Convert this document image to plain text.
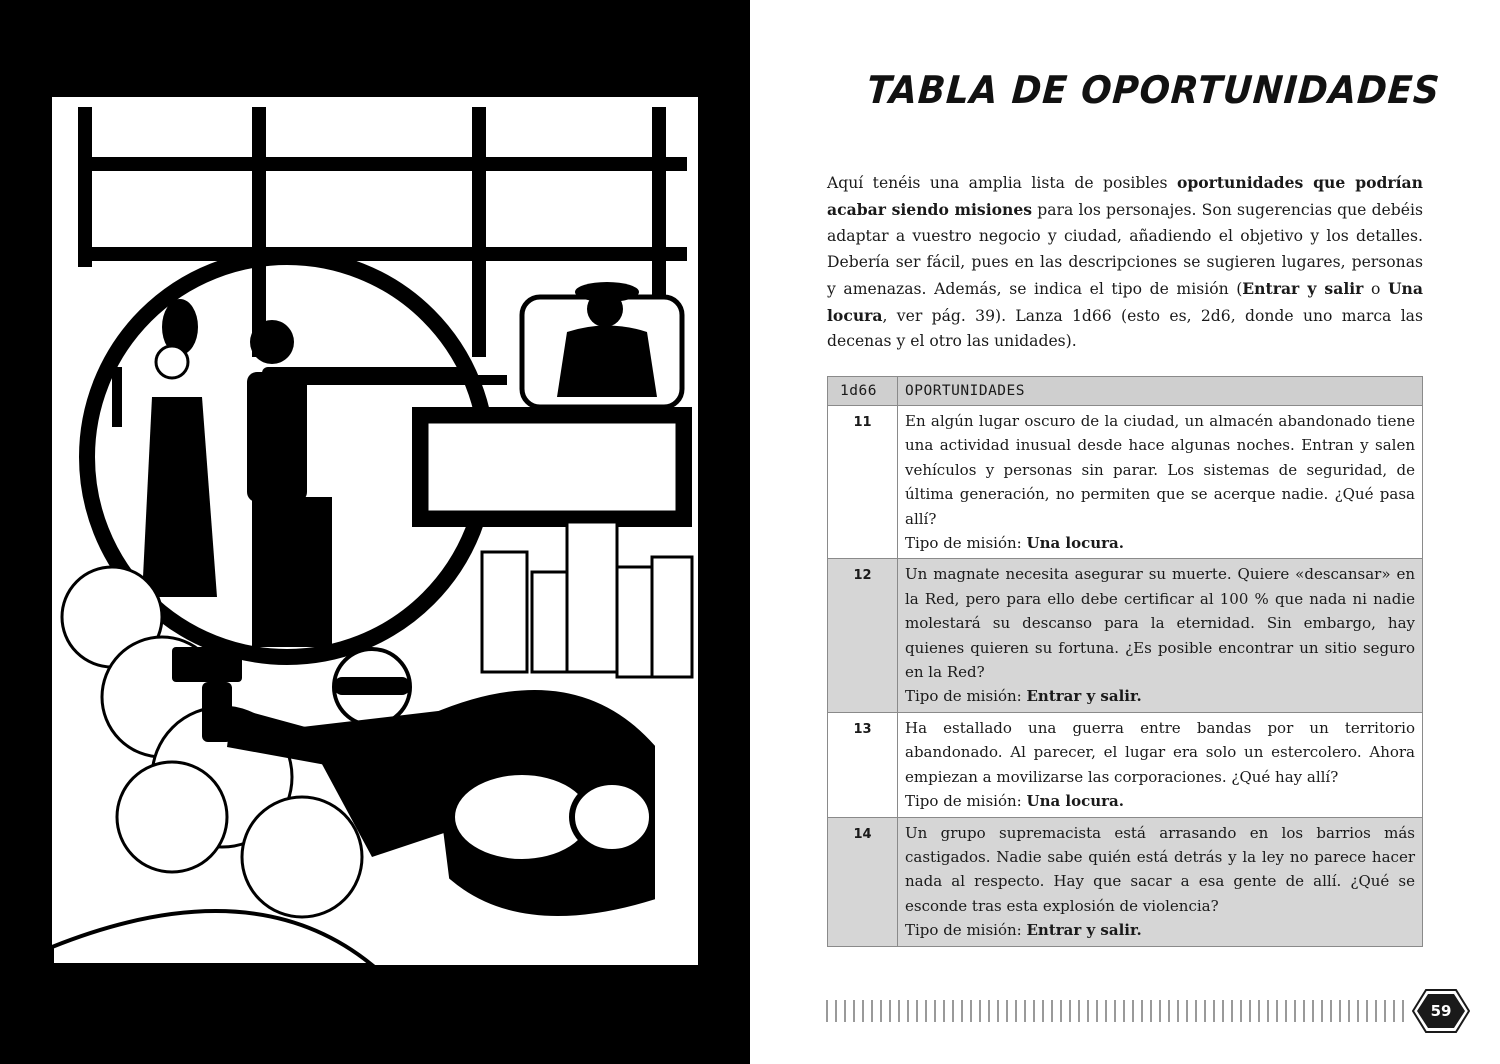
TABLA DE OPORTUNIDADES

Aquí tenéis una amplia lista de posibles oportunidades que podrían acabar siendo misiones para los personajes. Son sugerencias que debéis adaptar a vuestro negocio y ciudad, añadiendo el objetivo y los detalles. Debería ser fácil, pues en las descripciones se sugieren lugares, personas y amenazas. Además, se indica el tipo de misión (Entrar y salir o Una locura, ver pág. 39). Lanza 1d66 (esto es, 2d6, donde uno marca las decenas y el otro las unidades).

1d66	OPORTUNIDADES
11	En algún lugar oscuro de la ciudad, un almacén abandonado tiene una actividad inusual desde hace algunas noches. Entran y salen vehículos y personas sin parar. Los sistemas de seguridad, de última generación, no permiten que se acerque nadie. ¿Qué pasa allí?
Tipo de misión: Una locura.
12	Un magnate necesita asegurar su muerte. Quiere «descansar» en la Red, pero para ello debe certificar al 100 % que nada ni nadie molestará su descanso para la eternidad. Sin embargo, hay quienes quieren su fortuna. ¿Es posible encontrar un sitio seguro en la Red?
Tipo de misión: Entrar y salir.
13	Ha estallado una guerra entre bandas por un territorio abandonado. Al parecer, el lugar era solo un estercolero. Ahora empiezan a movilizarse las corporaciones. ¿Qué hay allí?
Tipo de misión: Una locura.
14	Un grupo supremacista está arrasando en los barrios más castigados. Nadie sabe quién está detrás y la ley no parece hacer nada al respecto. Hay que sacar a esa gente de allí. ¿Qué se esconde tras esta explosión de violencia?
Tipo de misión: Entrar y salir.
59
